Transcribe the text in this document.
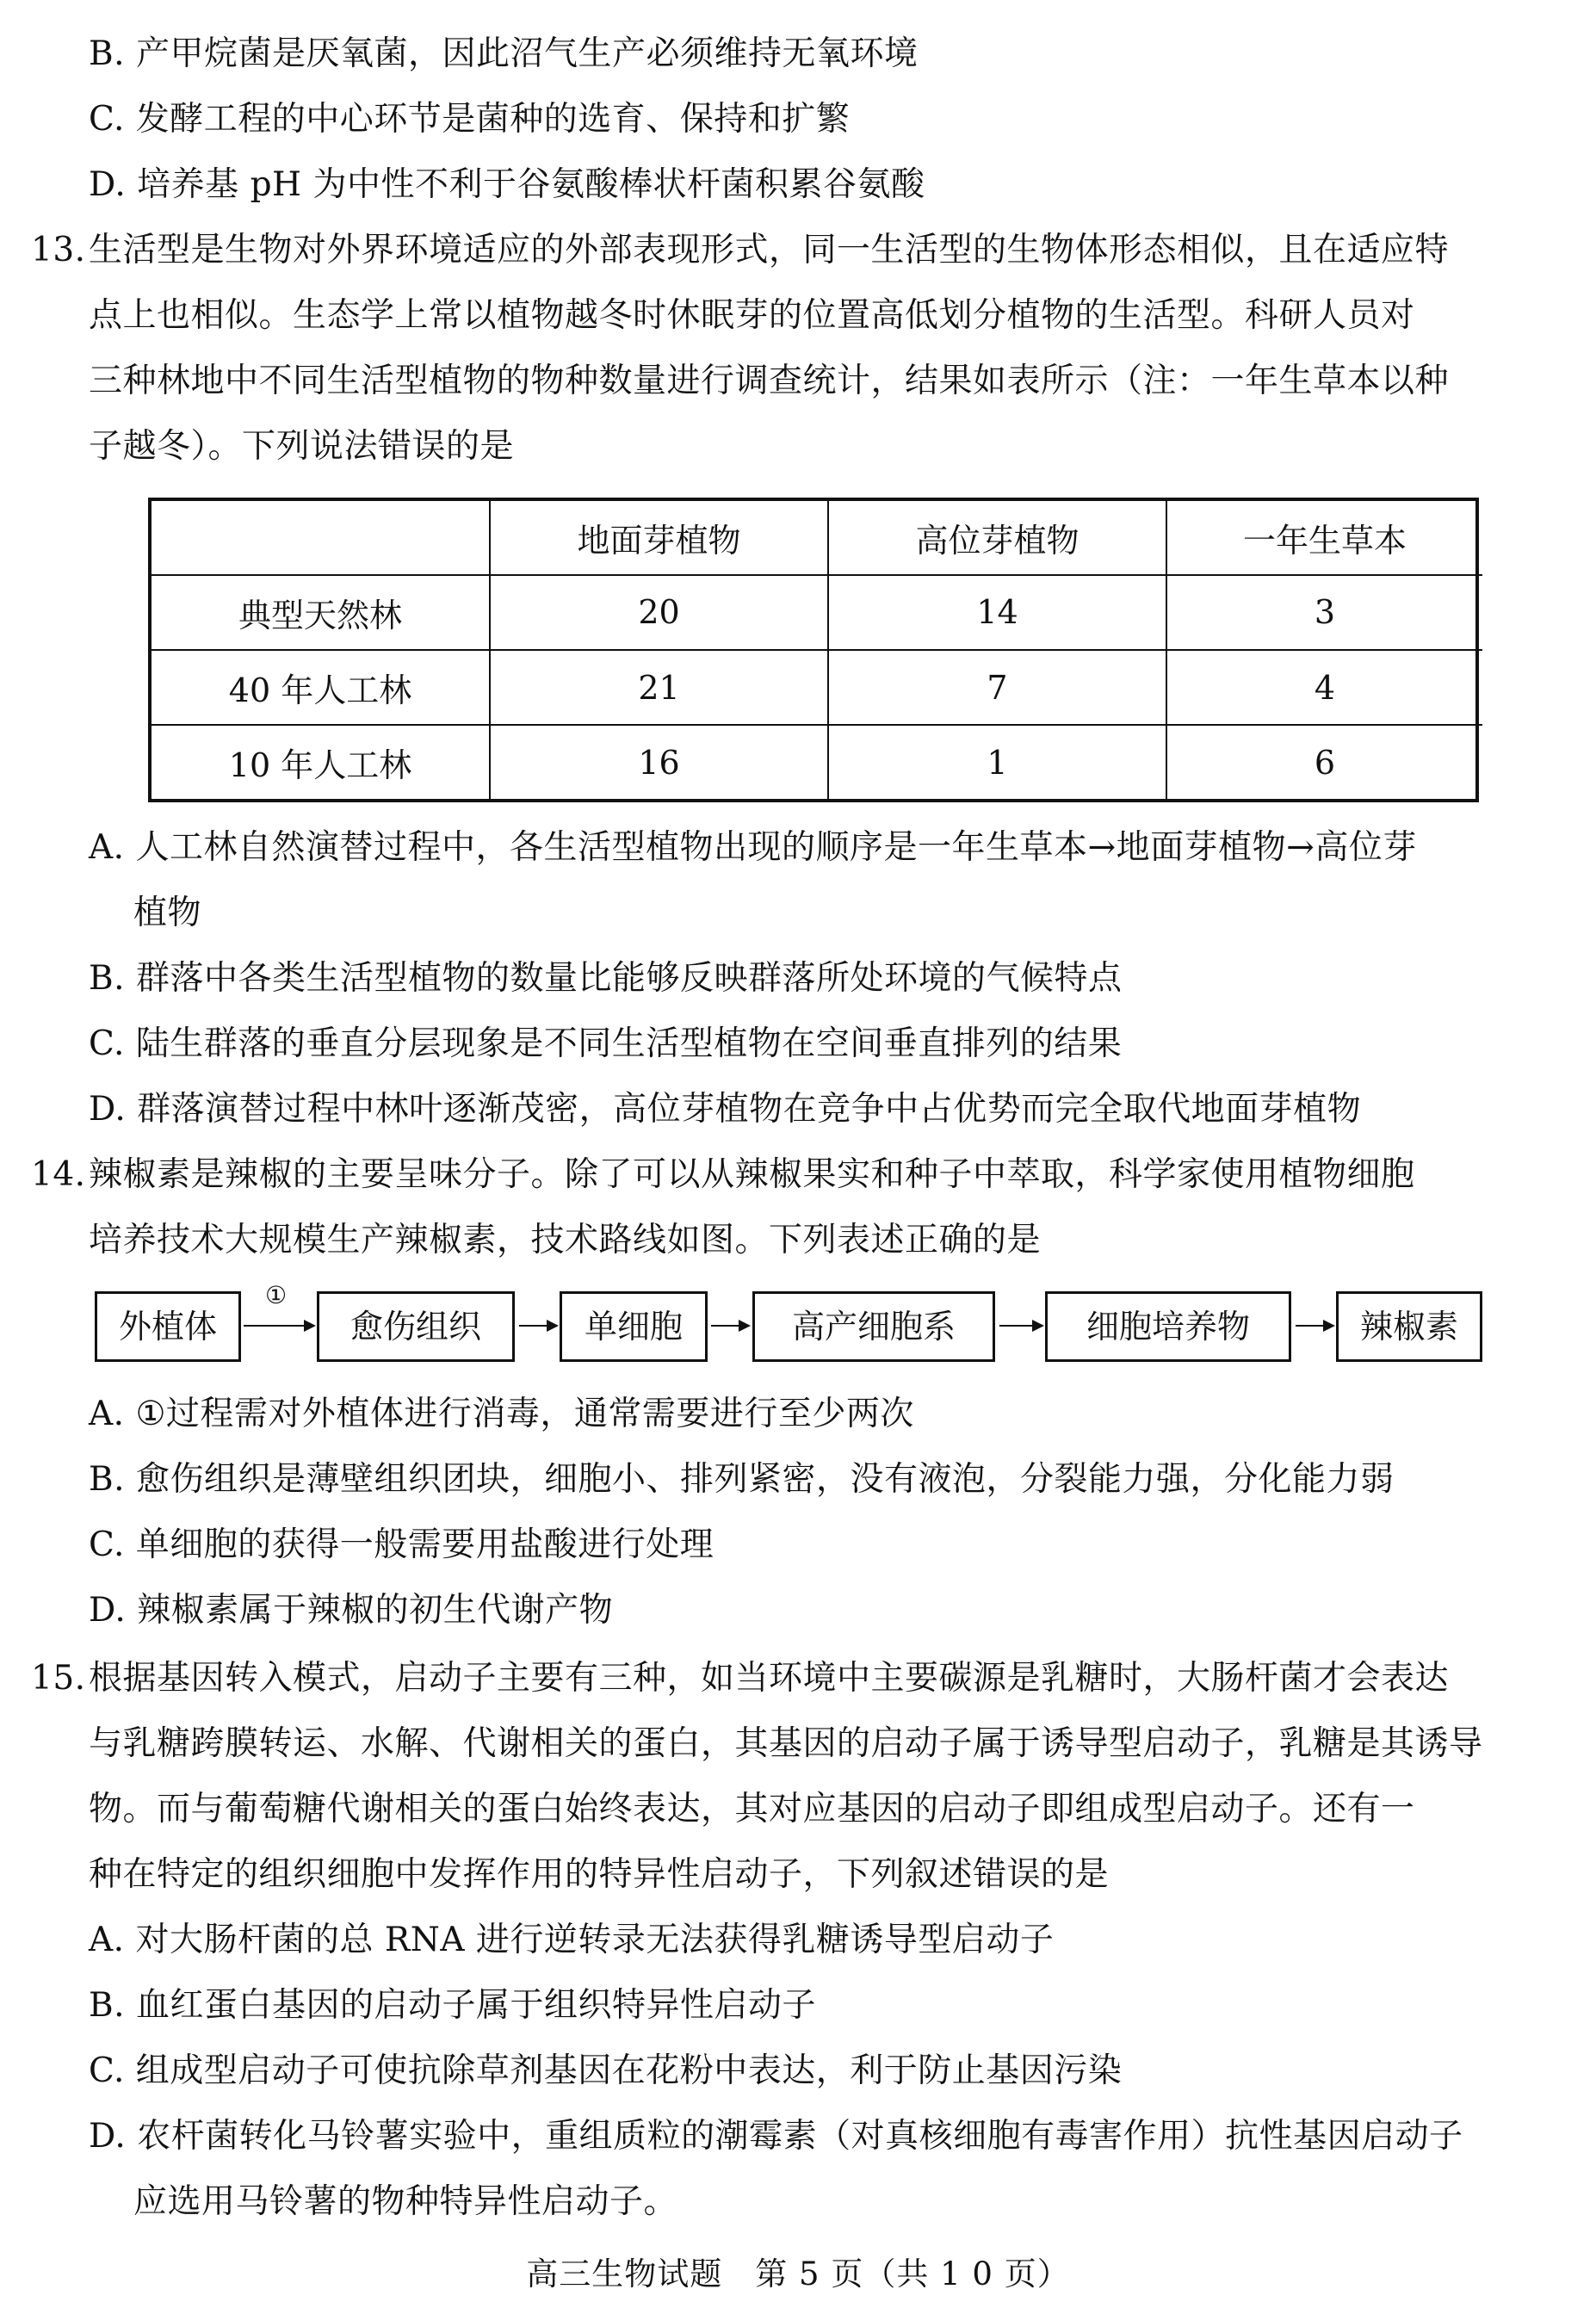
B. 产甲烷菌是厌氧菌，因此沼气生产必须维持无氧环境
C. 发酵工程的中心环节是菌种的选育、保持和扩繁
D. 培养基 pH 为中性不利于谷氨酸棒状杆菌积累谷氨酸
13. 生活型是生物对外界环境适应的外部表现形式，同一生活型的生物体形态相似，且在适应特
点上也相似。生态学上常以植物越冬时休眠芽的位置高低划分植物的生活型。科研人员对
三种林地中不同生活型植物的物种数量进行调查统计，结果如表所示（注：一年生草本以种
子越冬）。下列说法错误的是
	地面芽植物	高位芽植物	一年生草本
典型天然林	20	14	3
40 年人工林	21	7	4
10 年人工林	16	1	6
A. 人工林自然演替过程中，各生活型植物出现的顺序是一年生草本→地面芽植物→高位芽
植物
B. 群落中各类生活型植物的数量比能够反映群落所处环境的气候特点
C. 陆生群落的垂直分层现象是不同生活型植物在空间垂直排列的结果
D. 群落演替过程中林叶逐渐茂密，高位芽植物在竞争中占优势而完全取代地面芽植物
14. 辣椒素是辣椒的主要呈味分子。除了可以从辣椒果实和种子中萃取，科学家使用植物细胞
培养技术大规模生产辣椒素，技术路线如图。下列表述正确的是
外植体
①
愈伤组织	单细胞	高产细胞系	细胞培养物	辣椒素
A. ①过程需对外植体进行消毒，通常需要进行至少两次
B. 愈伤组织是薄壁组织团块，细胞小、排列紧密，没有液泡，分裂能力强，分化能力弱
C. 单细胞的获得一般需要用盐酸进行处理
D. 辣椒素属于辣椒的初生代谢产物
15. 根据基因转入模式，启动子主要有三种，如当环境中主要碳源是乳糖时，大肠杆菌才会表达
与乳糖跨膜转运、水解、代谢相关的蛋白，其基因的启动子属于诱导型启动子，乳糖是其诱导
物。而与葡萄糖代谢相关的蛋白始终表达，其对应基因的启动子即组成型启动子。还有一
种在特定的组织细胞中发挥作用的特异性启动子，下列叙述错误的是
A. 对大肠杆菌的总 RNA 进行逆转录无法获得乳糖诱导型启动子
B. 血红蛋白基因的启动子属于组织特异性启动子
C. 组成型启动子可使抗除草剂基因在花粉中表达，利于防止基因污染
D. 农杆菌转化马铃薯实验中，重组质粒的潮霉素（对真核细胞有毒害作用）抗性基因启动子
应选用马铃薯的物种特异性启动子。
高三生物试题　第 5 页（共 1 0 页）
